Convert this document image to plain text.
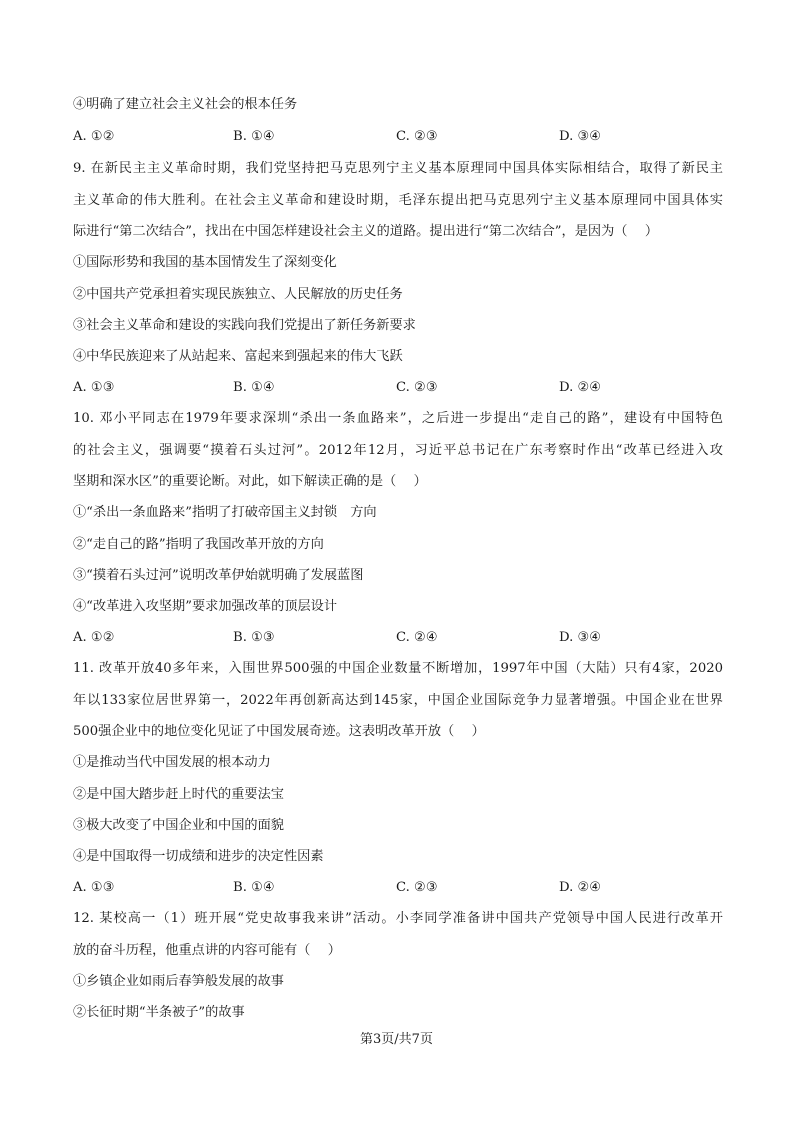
④明确了建立社会主义社会的根本任务
A. ①②	B. ①④	C. ②③	D. ③④
9. 在新民主主义革命时期，我们党坚持把马克思列宁主义基本原理同中国具体实际相结合，取得了新民主
主义革命的伟大胜利。在社会主义革命和建设时期，毛泽东提出把马克思列宁主义基本原理同中国具体实
际进行“第二次结合”，找出在中国怎样建设社会主义的道路。提出进行“第二次结合”，是因为（　 ）
①国际形势和我国的基本国情发生了深刻变化
②中国共产党承担着实现民族独立、人民解放的历史任务
③社会主义革命和建设的实践向我们党提出了新任务新要求
④中华民族迎来了从站起来、富起来到强起来的伟大飞跃
A. ①③	B. ①④	C. ②③	D. ②④
10. 邓小平同志在1979年要求深圳“杀出一条血路来”，之后进一步提出“走自己的路”，建设有中国特色
的社会主义，强调要“摸着石头过河”。2012年12月，习近平总书记在广东考察时作出“改革已经进入攻
坚期和深水区”的重要论断。对此，如下解读正确的是（　 ）
①“杀出一条血路来”指明了打破帝国主义封锁　方向
②“走自己的路”指明了我国改革开放的方向
③“摸着石头过河”说明改革伊始就明确了发展蓝图
④“改革进入攻坚期”要求加强改革的顶层设计
A. ①②	B. ①③	C. ②④	D. ③④
11. 改革开放40多年来，入围世界500强的中国企业数量不断增加，1997年中国（大陆）只有4家，2020
年以133家位居世界第一，2022年再创新高达到145家，中国企业国际竞争力显著增强。中国企业在世界
500强企业中的地位变化见证了中国发展奇迹。这表明改革开放（　 ）
①是推动当代中国发展的根本动力
②是中国大踏步赶上时代的重要法宝
③极大改变了中国企业和中国的面貌
④是中国取得一切成绩和进步的决定性因素
A. ①③	B. ①④	C. ②③	D. ②④
12. 某校高一（1）班开展“党史故事我来讲”活动。小李同学准备讲中国共产党领导中国人民进行改革开
放的奋斗历程，他重点讲的内容可能有（　 ）
①乡镇企业如雨后春笋般发展的故事
②长征时期“半条被子”的故事
第3页/共7页
